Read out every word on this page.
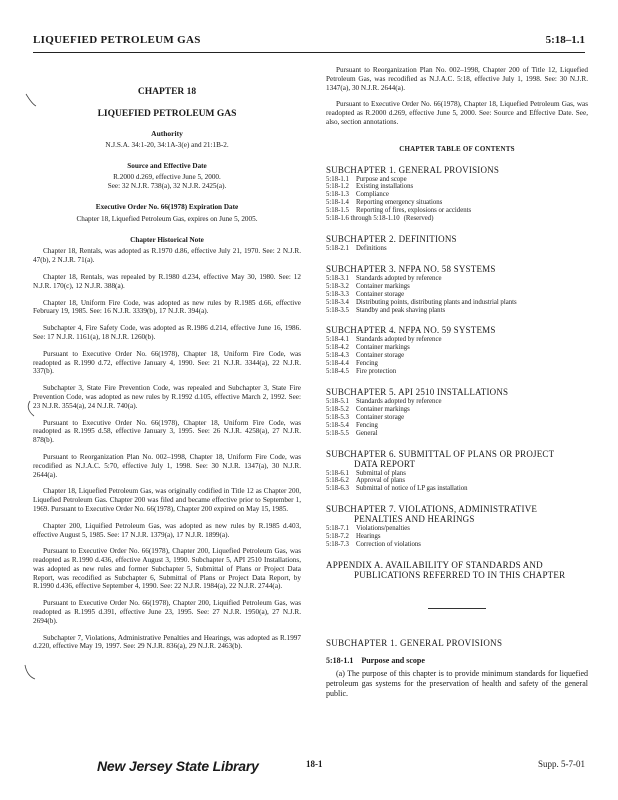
LIQUEFIED PETROLEUM GAS	5:18–1.1
CHAPTER 18
LIQUEFIED PETROLEUM GAS
Authority
N.J.S.A. 34:1-20, 34:1A-3(e) and 21:1B-2.
Source and Effective Date
R.2000 d.269, effective June 5, 2000.
See: 32 N.J.R. 738(a), 32 N.J.R. 2425(a).
Executive Order No. 66(1978) Expiration Date
Chapter 18, Liquefied Petroleum Gas, expires on June 5, 2005.
Chapter Historical Note

Chapter 18, Rentals, was adopted as R.1970 d.86, effective July 21, 1970. See: 2 N.J.R. 47(b), 2 N.J.R. 71(a).

Chapter 18, Rentals, was repealed by R.1980 d.234, effective May 30, 1980. See: 12 N.J.R. 170(c), 12 N.J.R. 388(a).

Chapter 18, Uniform Fire Code, was adopted as new rules by R.1985 d.66, effective February 19, 1985. See: 16 N.J.R. 3339(b), 17 N.J.R. 394(a).

Subchapter 4, Fire Safety Code, was adopted as R.1986 d.214, effective June 16, 1986. See: 17 N.J.R. 1161(a), 18 N.J.R. 1260(b).

Pursuant to Executive Order No. 66(1978), Chapter 18, Uniform Fire Code, was readopted as R.1990 d.72, effective January 4, 1990. See: 21 N.J.R. 3344(a), 22 N.J.R. 337(b).

Subchapter 3, State Fire Prevention Code, was repealed and Subchapter 3, State Fire Prevention Code, was adopted as new rules by R.1992 d.105, effective March 2, 1992. See: 23 N.J.R. 3554(a), 24 N.J.R. 740(a).

Pursuant to Executive Order No. 66(1978), Chapter 18, Uniform Fire Code, was readopted as R.1995 d.58, effective January 3, 1995. See: 26 N.J.R. 4258(a), 27 N.J.R. 878(b).

Pursuant to Reorganization Plan No. 002–1998, Chapter 18, Uniform Fire Code, was recodified as N.J.A.C. 5:70, effective July 1, 1998. See: 30 N.J.R. 1347(a), 30 N.J.R. 2644(a).

Chapter 18, Liquefied Petroleum Gas, was originally codified in Title 12 as Chapter 200, Liquefied Petroleum Gas. Chapter 200 was filed and became effective prior to September 1, 1969. Pursuant to Executive Order No. 66(1978), Chapter 200 expired on May 15, 1985.

Chapter 200, Liquified Petroleum Gas, was adopted as new rules by R.1985 d.403, effective August 5, 1985. See: 17 N.J.R. 1379(a), 17 N.J.R. 1899(a).

Pursuant to Executive Order No. 66(1978), Chapter 200, Liquefied Petroleum Gas, was readopted as R.1990 d.436, effective August 3, 1990. Subchapter 5, API 2510 Installations, was adopted as new rules and former Subchapter 5, Submittal of Plans or Project Data Report, was recodified as Subchapter 6, Submittal of Plans or Project Data Report, by R.1990 d.436, effective September 4, 1990. See: 22 N.J.R. 1984(a), 22 N.J.R. 2744(a).

Pursuant to Executive Order No. 66(1978), Chapter 200, Liquified Petroleum Gas, was readopted as R.1995 d.391, effective June 23, 1995. See: 27 N.J.R. 1950(a), 27 N.J.R. 2694(b).

Subchapter 7, Violations, Administrative Penalties and Hearings, was adopted as R.1997 d.220, effective May 19, 1997. See: 29 N.J.R. 836(a), 29 N.J.R. 2463(b).

Pursuant to Reorganization Plan No. 002–1998, Chapter 200 of Title 12, Liquefied Petroleum Gas, was recodified as N.J.A.C. 5:18, effective July 1, 1998. See: 30 N.J.R. 1347(a), 30 N.J.R. 2644(a).

Pursuant to Executive Order No. 66(1978), Chapter 18, Liquefied Petroleum Gas, was readopted as R.2000 d.269, effective June 5, 2000. See: Source and Effective Date. See, also, section annotations.

CHAPTER TABLE OF CONTENTS
SUBCHAPTER 1. GENERAL PROVISIONS
5:18-1.1	Purpose and scope
5:18-1.2	Existing installations
5:18-1.3	Compliance
5:18-1.4	Reporting emergency situations
5:18-1.5	Reporting of fires, explosions or accidents
5:18-1.6 through 5:18-1.10 (Reserved)
SUBCHAPTER 2. DEFINITIONS
5:18-2.1	Definitions
SUBCHAPTER 3. NFPA NO. 58 SYSTEMS
5:18-3.1	Standards adopted by reference
5:18-3.2	Container markings
5:18-3.3	Container storage
5:18-3.4	Distributing points, distributing plants and industrial plants
5:18-3.5	Standby and peak shaving plants
SUBCHAPTER 4. NFPA NO. 59 SYSTEMS
5:18-4.1	Standards adopted by reference
5:18-4.2	Container markings
5:18-4.3	Container storage
5:18-4.4	Fencing
5:18-4.5	Fire protection
SUBCHAPTER 5. API 2510 INSTALLATIONS
5:18-5.1	Standards adopted by reference
5:18-5.2	Container markings
5:18-5.3	Container storage
5:18-5.4	Fencing
5:18-5.5	General
SUBCHAPTER 6. SUBMITTAL OF PLANS OR PROJECT
DATA REPORT
5:18-6.1	Submittal of plans
5:18-6.2	Approval of plans
5:18-6.3	Submittal of notice of LP gas installation
SUBCHAPTER 7. VIOLATIONS, ADMINISTRATIVE
PENALTIES AND HEARINGS
5:18-7.1	Violations/penalties
5:18-7.2	Hearings
5:18-7.3	Correction of violations
APPENDIX A. AVAILABILITY OF STANDARDS AND
PUBLICATIONS REFERRED TO IN THIS CHAPTER
SUBCHAPTER 1. GENERAL PROVISIONS
5:18-1.1 Purpose and scope
(a) The purpose of this chapter is to provide minimum standards for liquefied petroleum gas systems for the preservation of health and safety of the general public.
New Jersey State Library	18-1	Supp. 5-7-01
